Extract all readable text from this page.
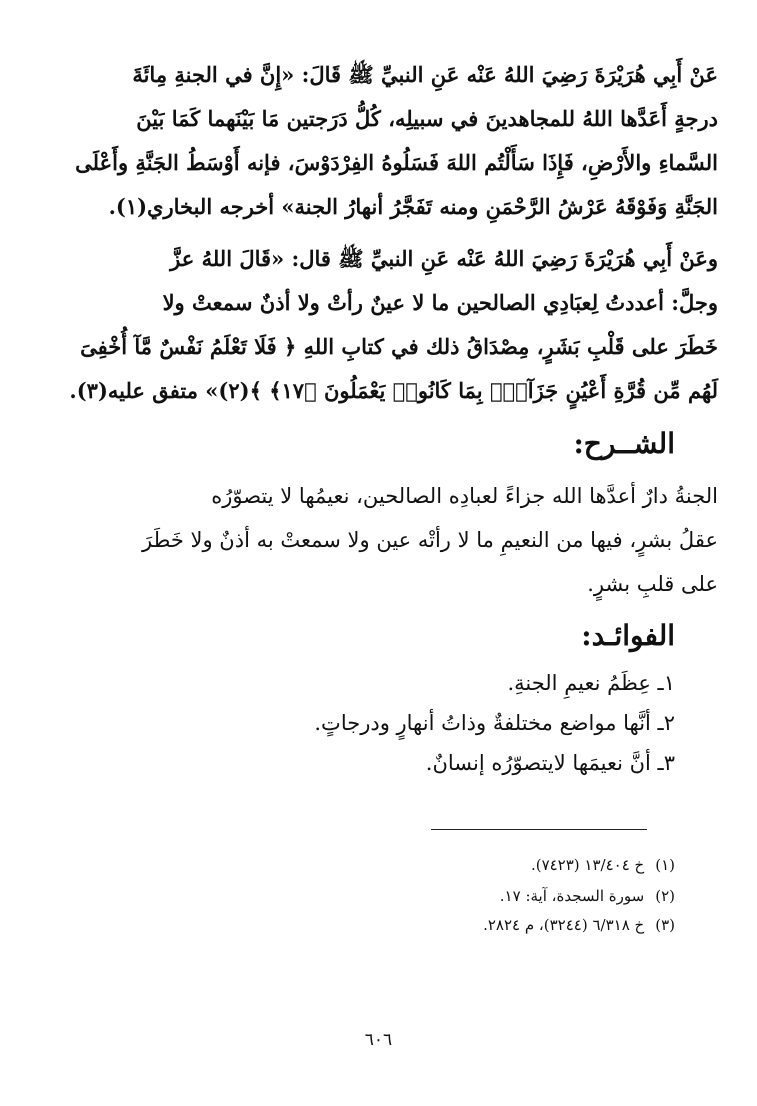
عَنْ أَبِي هُرَيْرَةَ رَضِيَ اللهُ عَنْه عَنِ النبيِّ ﷺ قَالَ: «إِنَّ في الجنةِ مِائَةَ

درجةٍ أَعَدَّها اللهُ للمجاهدينَ في سبيلِه، كُلُّ دَرَجتين مَا بَيْنَهما كَمَا بَيْنَ

السَّماءِ والأَرْضِ، فَإِذَا سَأَلْتُم اللهَ فَسَلُوهُ الفِرْدَوْسَ، فإنه أَوْسَطُ الجَنَّةِ وأَعْلَى

الجَنَّةِ وَفَوْقَهُ عَرْشُ الرَّحْمَنِ ومنه تَفَجَّرُ أنهارُ الجنة» أخرجه البخاري(١).

وعَنْ أَبِي هُرَيْرَةَ رَضِيَ اللهُ عَنْه عَنِ النبيِّ ﷺ قال: «قَالَ اللهُ عزَّ

وجلَّ: أعددتُ لِعبَادِي الصالحين ما لا عينٌ رأتْ ولا أذنٌ سمعتْ ولا

خَطَرَ على قَلْبِ بَشَرٍ، مِصْدَاقُ ذلك في كتابِ اللهِ ﴿ فَلَا تَعْلَمُ نَفْسٌ مَّآ أُخْفِىَ

لَهُم مِّن قُرَّةِ أَعْيُنٍ جَزَآءًۢ بِمَا كَانُوا۟ يَعْمَلُونَ ﴿١٧﴾ ﴾(٢)» متفق عليه(٣).

الشــرح:

الجنةُ دارٌ أعدَّها الله جزاءً لعبادِه الصالحين، نعيمُها لا يتصوّرُه

عقلُ بشرٍ، فيها من النعيمِ ما لا رأتْه عين ولا سمعتْ به أذنٌ ولا خَطَرَ

على قلبِ بشرٍ.

الفوائـد:

١ـ عِظَمُ نعيمِ الجنةِ.

٢ـ أنَّها مواضع مختلفةٌ وذاتُ أنهارٍ ودرجاتٍ.

٣ـ أنَّ نعيمَها لايتصوّرُه إنسانٌ.

(١) خ ١٣/٤٠٤ (٧٤٢٣).

(٢) سورة السجدة، آية: ١٧.

(٣) خ ٦/٣١٨ (٣٢٤٤)، م ٢٨٢٤.

٦٠٦
